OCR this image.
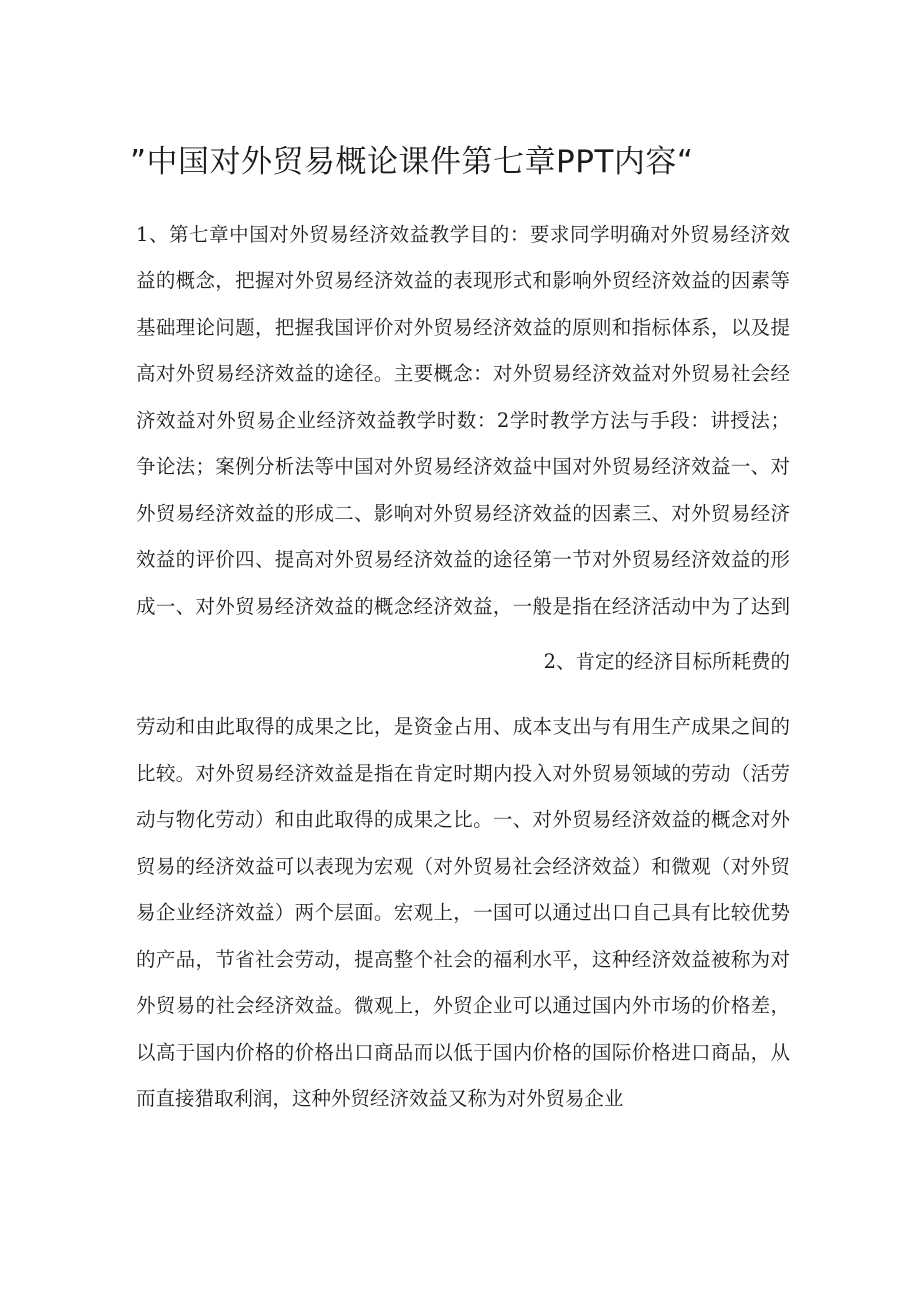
”中国对外贸易概论课件第七章PPT内容“
1、第七章中国对外贸易经济效益教学目的：要求同学明确对外贸易经济效
益的概念，把握对外贸易经济效益的表现形式和影响外贸经济效益的因素等
基础理论问题，把握我国评价对外贸易经济效益的原则和指标体系，以及提
高对外贸易经济效益的途径。主要概念：对外贸易经济效益对外贸易社会经
济效益对外贸易企业经济效益教学时数：2学时教学方法与手段：讲授法；
争论法；案例分析法等中国对外贸易经济效益中国对外贸易经济效益一、对
外贸易经济效益的形成二、影响对外贸易经济效益的因素三、对外贸易经济
效益的评价四、提高对外贸易经济效益的途径第一节对外贸易经济效益的形
成一、对外贸易经济效益的概念经济效益，一般是指在经济活动中为了达到
2、肯定的经济目标所耗费的
劳动和由此取得的成果之比，是资金占用、成本支出与有用生产成果之间的
比较。对外贸易经济效益是指在肯定时期内投入对外贸易领域的劳动（活劳
动与物化劳动）和由此取得的成果之比。一、对外贸易经济效益的概念对外
贸易的经济效益可以表现为宏观（对外贸易社会经济效益）和微观（对外贸
易企业经济效益）两个层面。宏观上，一国可以通过出口自己具有比较优势
的产品，节省社会劳动，提高整个社会的福利水平，这种经济效益被称为对
外贸易的社会经济效益。微观上，外贸企业可以通过国内外市场的价格差，
以高于国内价格的价格出口商品而以低于国内价格的国际价格进口商品，从
而直接猎取利润，这种外贸经济效益又称为对外贸易企业
